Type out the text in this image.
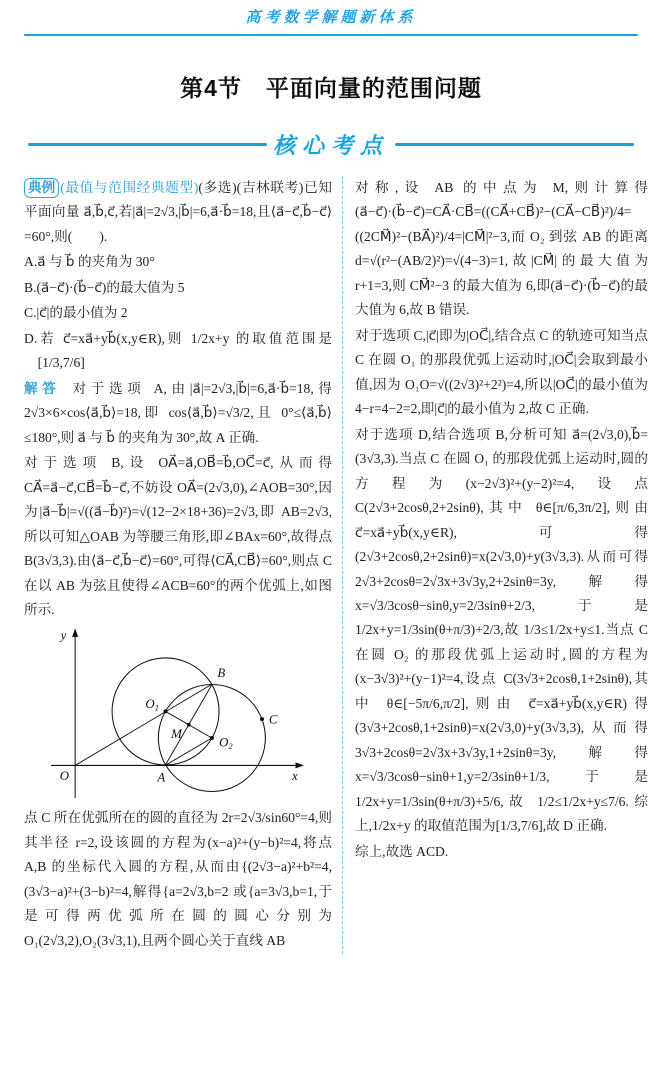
高考数学解题新体系
第4节　平面向量的范围问题
核心考点

典例 (最值与范围经典题型)(多选)(吉林联考)已知平面向量 a⃗,b⃗,c⃗,若|a⃗|=2√3,|b⃗|=6,a⃗·b⃗=18,且⟨a⃗−c⃗,b⃗−c⃗⟩=60°,则(　　).

A.a⃗ 与 b⃗ 的夹角为 30°

B.(a⃗−c⃗)·(b⃗−c⃗)的最大值为 5

C.|c⃗|的最小值为 2

D.若 c⃗=xa⃗+yb⃗(x,y∈R),则 1/2x+y 的取值范围是[1/3,7/6]

解答 对于选项 A,由|a⃗|=2√3,|b⃗|=6,a⃗·b⃗=18,得 2√3×6×cos⟨a⃗,b⃗⟩=18,即 cos⟨a⃗,b⃗⟩=√3/2,且 0°≤⟨a⃗,b⃗⟩≤180°,则 a⃗ 与 b⃗ 的夹角为 30°,故 A 正确.

对于选项 B,设 OA⃗=a⃗,OB⃗=b⃗,OC⃗=c⃗,从而得 CA⃗=a⃗−c⃗,CB⃗=b⃗−c⃗,不妨设 OA⃗=(2√3,0),∠AOB=30°,因为|a⃗−b⃗|=√((a⃗−b⃗)²)=√(12−2×18+36)=2√3,即 AB=2√3,所以可知△OAB 为等腰三角形,即∠BAx=60°,故得点 B(3√3,3).由⟨a⃗−c⃗,b⃗−c⃗⟩=60°,可得⟨CA⃗,CB⃗⟩=60°,则点 C 在以 AB 为弦且使得∠ACB=60°的两个优弧上,如图所示.

O	x
y
A
B
C
M
$O_1$
$O_2$

点 C 所在优弧所在的圆的直径为 2r=2√3/sin60°=4,则其半径 r=2,设该圆的方程为(x−a)²+(y−b)²=4,将点 A,B 的坐标代入圆的方程,从而由{(2√3−a)²+b²=4,(3√3−a)²+(3−b)²=4,解得{a=2√3,b=2 或{a=3√3,b=1,于是可得两优弧所在圆的圆心分别为 O₁(2√3,2),O₂(3√3,1),且两个圆心关于直线 AB

对称,设 AB 的中点为 M,则计算得(a⃗−c⃗)·(b⃗−c⃗)=CA⃗·CB⃗=((CA⃗+CB⃗)²−(CA⃗−CB⃗)²)/4=((2CM⃗)²−(BA⃗)²)/4=|CM⃗|²−3,而 O₂ 到弦 AB 的距离 d=√(r²−(AB/2)²)=√(4−3)=1,故|CM⃗|的最大值为 r+1=3,则 CM⃗²−3 的最大值为 6,即(a⃗−c⃗)·(b⃗−c⃗)的最大值为 6,故 B 错误.

对于选项 C,|c⃗|即为|OC⃗|,结合点 C 的轨迹可知当点 C 在圆 O₁ 的那段优弧上运动时,|OC⃗|会取到最小值,因为 O₁O=√((2√3)²+2²)=4,所以|OC⃗|的最小值为 4−r=4−2=2,即|c⃗|的最小值为 2,故 C 正确.

对于选项 D,结合选项 B,分析可知 a⃗=(2√3,0),b⃗=(3√3,3).当点 C 在圆 O₁ 的那段优弧上运动时,圆的方程为(x−2√3)²+(y−2)²=4,设点 C(2√3+2cosθ,2+2sinθ),其中 θ∈[π/6,3π/2],则由 c⃗=xa⃗+yb⃗(x,y∈R),可得(2√3+2cosθ,2+2sinθ)=x(2√3,0)+y(3√3,3).从而可得 2√3+2cosθ=2√3x+3√3y,2+2sinθ=3y,解得 x=√3/3cosθ−sinθ,y=2/3sinθ+2/3,于是 1/2x+y=1/3sin(θ+π/3)+2/3,故 1/3≤1/2x+y≤1.当点 C 在圆 O₂ 的那段优弧上运动时,圆的方程为(x−3√3)²+(y−1)²=4,设点 C(3√3+2cosθ,1+2sinθ),其中 θ∈[−5π/6,π/2],则由 c⃗=xa⃗+yb⃗(x,y∈R)得(3√3+2cosθ,1+2sinθ)=x(2√3,0)+y(3√3,3),从而得 3√3+2cosθ=2√3x+3√3y,1+2sinθ=3y,解得 x=√3/3cosθ−sinθ+1,y=2/3sinθ+1/3,于是 1/2x+y=1/3sin(θ+π/3)+5/6,故 1/2≤1/2x+y≤7/6.综上,1/2x+y 的取值范围为[1/3,7/6],故 D 正确.

综上,故选 ACD.
